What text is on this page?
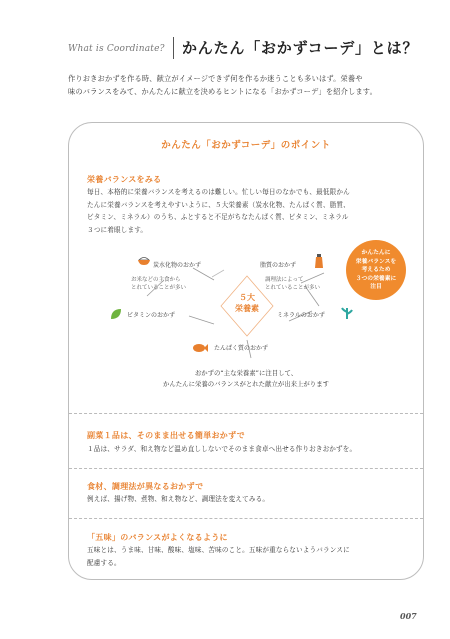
What is Coordinate? かんたん「おかずコーデ」とは？
作りおきおかずを作る時、献立がイメージできず何を作るか迷うことも多いはず。栄養や
味のバランスをみて、かんたんに献立を決めるヒントになる「おかずコーデ」を紹介します。
かんたん「おかずコーデ」のポイント
栄養バランスをみる
毎日、本格的に栄養バランスを考えるのは難しい。忙しい毎日のなかでも、最低限かん
たんに栄養バランスを考えやすいように、５大栄養素（炭水化物、たんぱく質、脂質、
ビタミン、ミネラル）のうち、ふとすると不足がちなたんぱく質、ビタミン、ミネラル
３つに着眼します。
炭水化物のおかず
お米などの主食から
とれていることが多い
脂質のおかず
調理法によって
とれていることが多い
５大
栄養素
ビタミンのおかず	ミネラルのおかず
たんぱく質のおかず
かんたんに
栄養バランスを
考えるため
３つの栄養素に
注目
おかずの“主な栄養素”に注目して、
かんたんに栄養のバランスがとれた献立が出来上がります
副菜１品は、そのまま出せる簡単おかずで
１品は、サラダ、和え物など温め直ししないでそのまま食卓へ出せる作りおきおかずを。
食材、調理法が異なるおかずで
例えば、揚げ物、煮物、和え物など、調理法を変えてみる。
「五味」のバランスがよくなるように
五味とは、うま味、甘味、酸味、塩味、苦味のこと。五味が重ならないようバランスに
配慮する。
007
